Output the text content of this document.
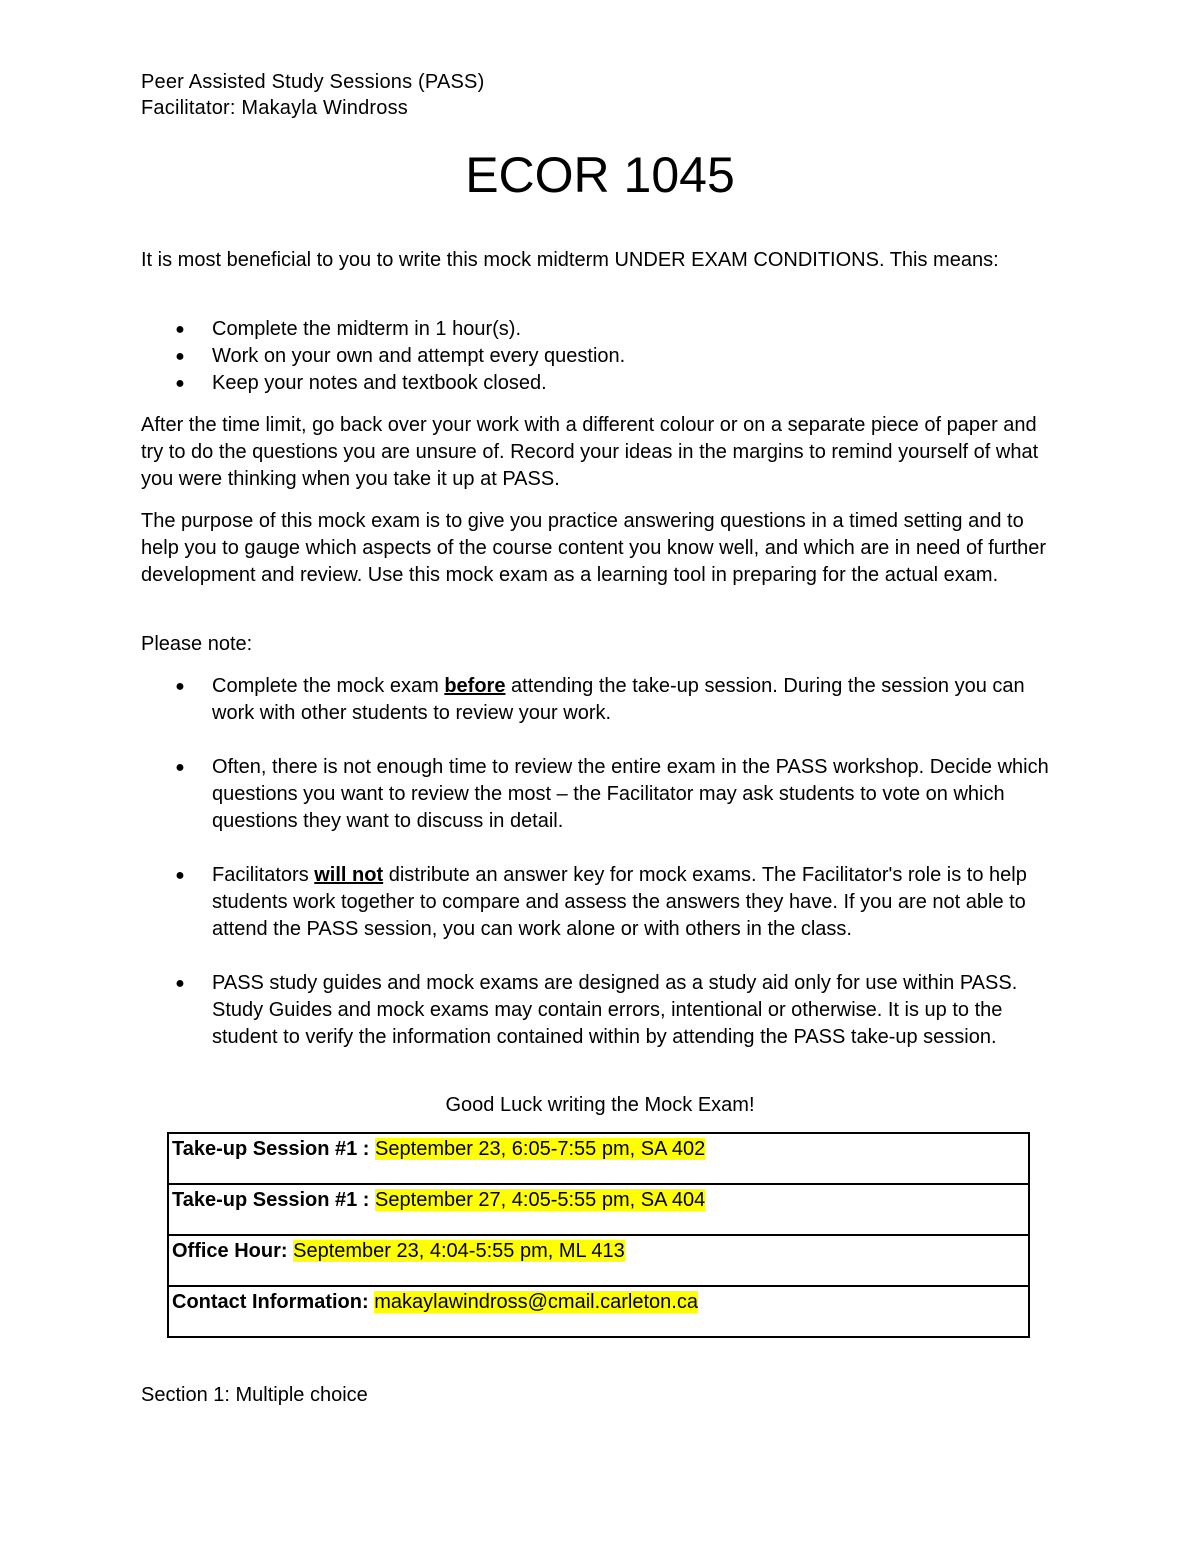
Peer Assisted Study Sessions (PASS)
Facilitator: Makayla Windross
ECOR 1045
It is most beneficial to you to write this mock midterm UNDER EXAM CONDITIONS. This means:
● Complete the midterm in 1 hour(s).
● Work on your own and attempt every question.
● Keep your notes and textbook closed.
After the time limit, go back over your work with a different colour or on a separate piece of paper and try to do the questions you are unsure of. Record your ideas in the margins to remind yourself of what you were thinking when you take it up at PASS.
The purpose of this mock exam is to give you practice answering questions in a timed setting and to help you to gauge which aspects of the course content you know well, and which are in need of further development and review. Use this mock exam as a learning tool in preparing for the actual exam.
Please note:
● Complete the mock exam before attending the take-up session. During the session you can work with other students to review your work.
● Often, there is not enough time to review the entire exam in the PASS workshop. Decide which questions you want to review the most – the Facilitator may ask students to vote on which questions they want to discuss in detail.
● Facilitators will not distribute an answer key for mock exams. The Facilitator's role is to help students work together to compare and assess the answers they have. If you are not able to attend the PASS session, you can work alone or with others in the class.
● PASS study guides and mock exams are designed as a study aid only for use within PASS. Study Guides and mock exams may contain errors, intentional or otherwise. It is up to the student to verify the information contained within by attending the PASS take-up session.
Good Luck writing the Mock Exam!
Take-up Session #1 : September 23, 6:05-7:55 pm, SA 402
Take-up Session #1 : September 27, 4:05-5:55 pm, SA 404
Office Hour: September 23, 4:04-5:55 pm, ML 413
Contact Information: makaylawindross@cmail.carleton.ca
Section 1: Multiple choice
